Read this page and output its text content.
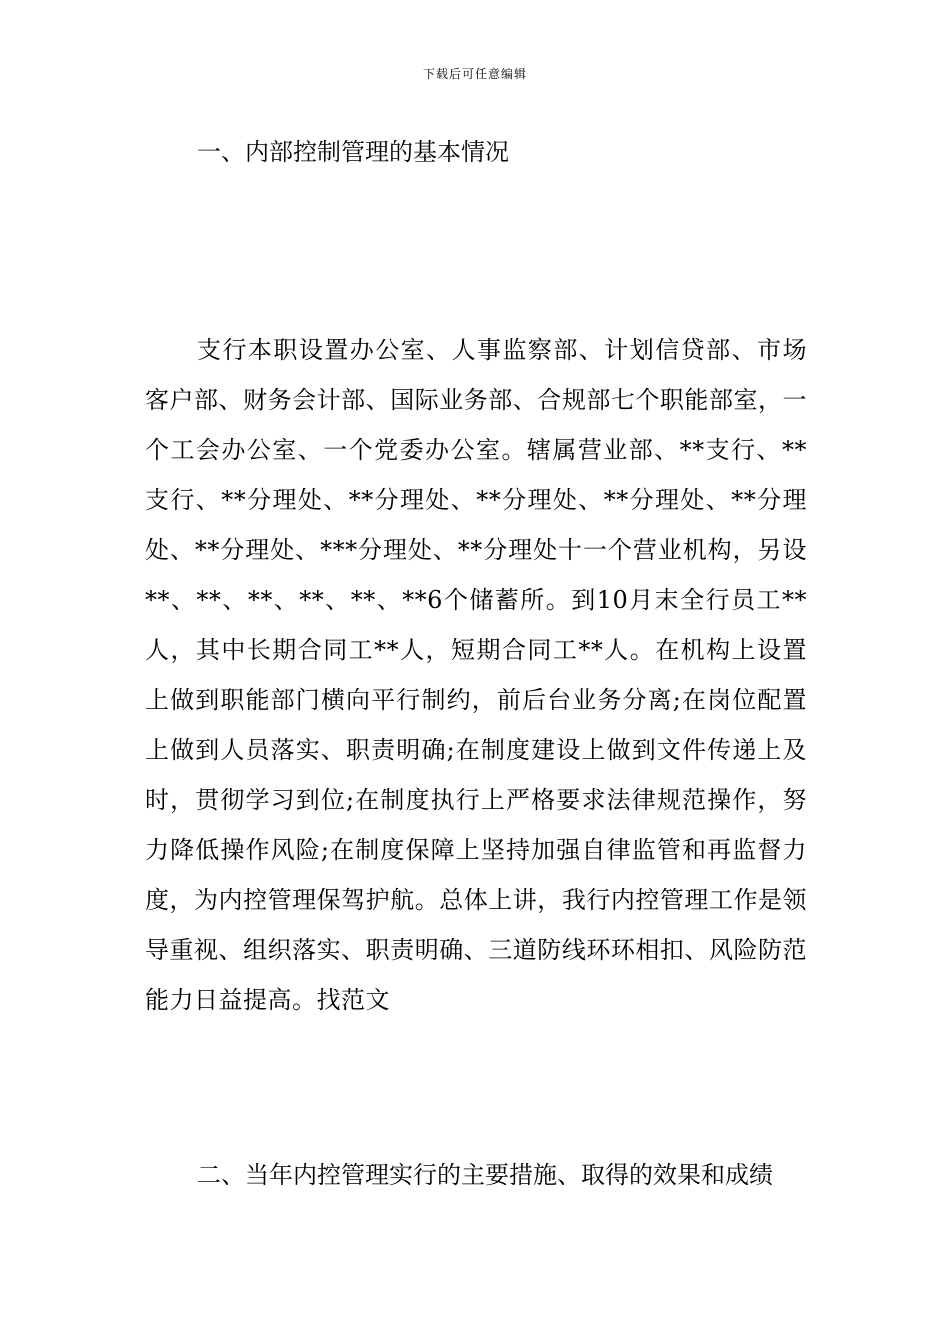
下载后可任意编辑
一、内部控制管理的基本情况

支行本职设置办公室、人事监察部、计划信贷部、市场客户部、财务会计部、国际业务部、合规部七个职能部室，一个工会办公室、一个党委办公室。辖属营业部、**支行、**支行、**分理处、**分理处、**分理处、**分理处、**分理处、**分理处、***分理处、**分理处十一个营业机构，另设**、**、**、**、**、**6个储蓄所。到10月末全行员工**人，其中长期合同工**人，短期合同工**人。在机构上设置上做到职能部门横向平行制约，前后台业务分离;在岗位配置上做到人员落实、职责明确;在制度建设上做到文件传递上及时，贯彻学习到位;在制度执行上严格要求法律规范操作，努力降低操作风险;在制度保障上坚持加强自律监管和再监督力度，为内控管理保驾护航。总体上讲，我行内控管理工作是领导重视、组织落实、职责明确、三道防线环环相扣、风险防范能力日益提高。找范文

二、当年内控管理实行的主要措施、取得的效果和成绩
